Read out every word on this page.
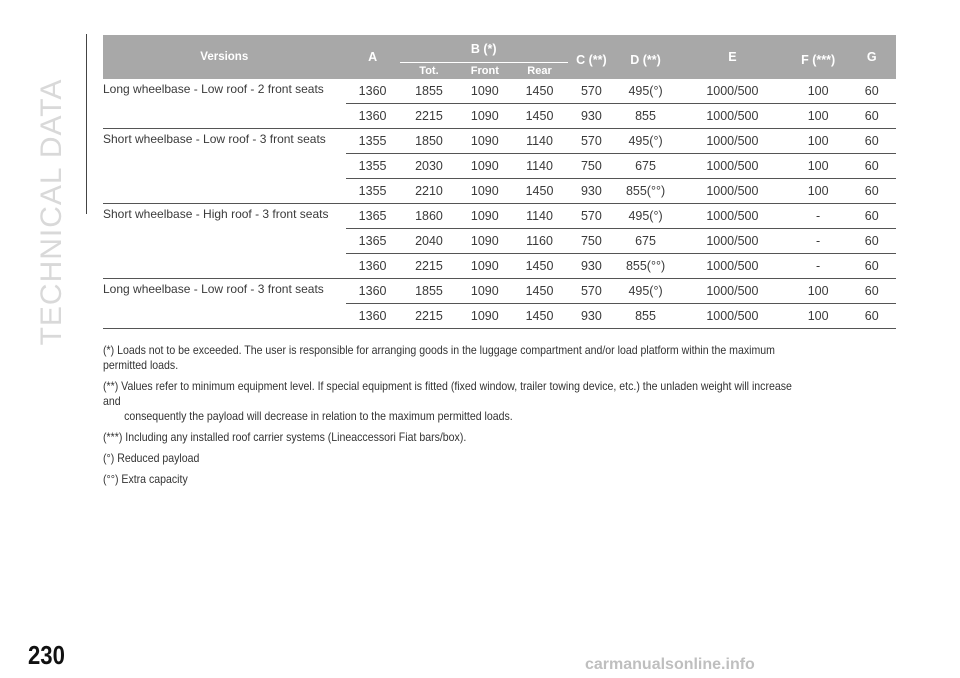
TECHNICAL DATA
Versions	A	B (*)			C (**)	D (**)	E	F (***)	G
		Tot.	Front	Rear					
Long wheelbase - Low roof - 2 front seats	1360	1855	1090	1450	570	495(°)	1000/500	100	60
	1360	2215	1090	1450	930	855	1000/500	100	60
Short wheelbase - Low roof - 3 front seats	1355	1850	1090	1140	570	495(°)	1000/500	100	60
	1355	2030	1090	1140	750	675	1000/500	100	60
	1355	2210	1090	1450	930	855(°°)	1000/500	100	60
Short wheelbase - High roof - 3 front seats	1365	1860	1090	1140	570	495(°)	1000/500	-	60
	1365	2040	1090	1160	750	675	1000/500	-	60
	1360	2215	1090	1450	930	855(°°)	1000/500	-	60
Long wheelbase - Low roof - 3 front seats	1360	1855	1090	1450	570	495(°)	1000/500	100	60
	1360	2215	1090	1450	930	855	1000/500	100	60

(*) Loads not to be exceeded. The user is responsible for arranging goods in the luggage compartment and/or load platform within the maximum permitted loads.

(**) Values refer to minimum equipment level. If special equipment is fitted (fixed window, trailer towing device, etc.) the unladen weight will increase and
consequently the payload will decrease in relation to the maximum permitted loads.

(***) Including any installed roof carrier systems (Lineaccessori Fiat bars/box).

(°) Reduced payload

(°°) Extra capacity

230	carmanualsonline.info
